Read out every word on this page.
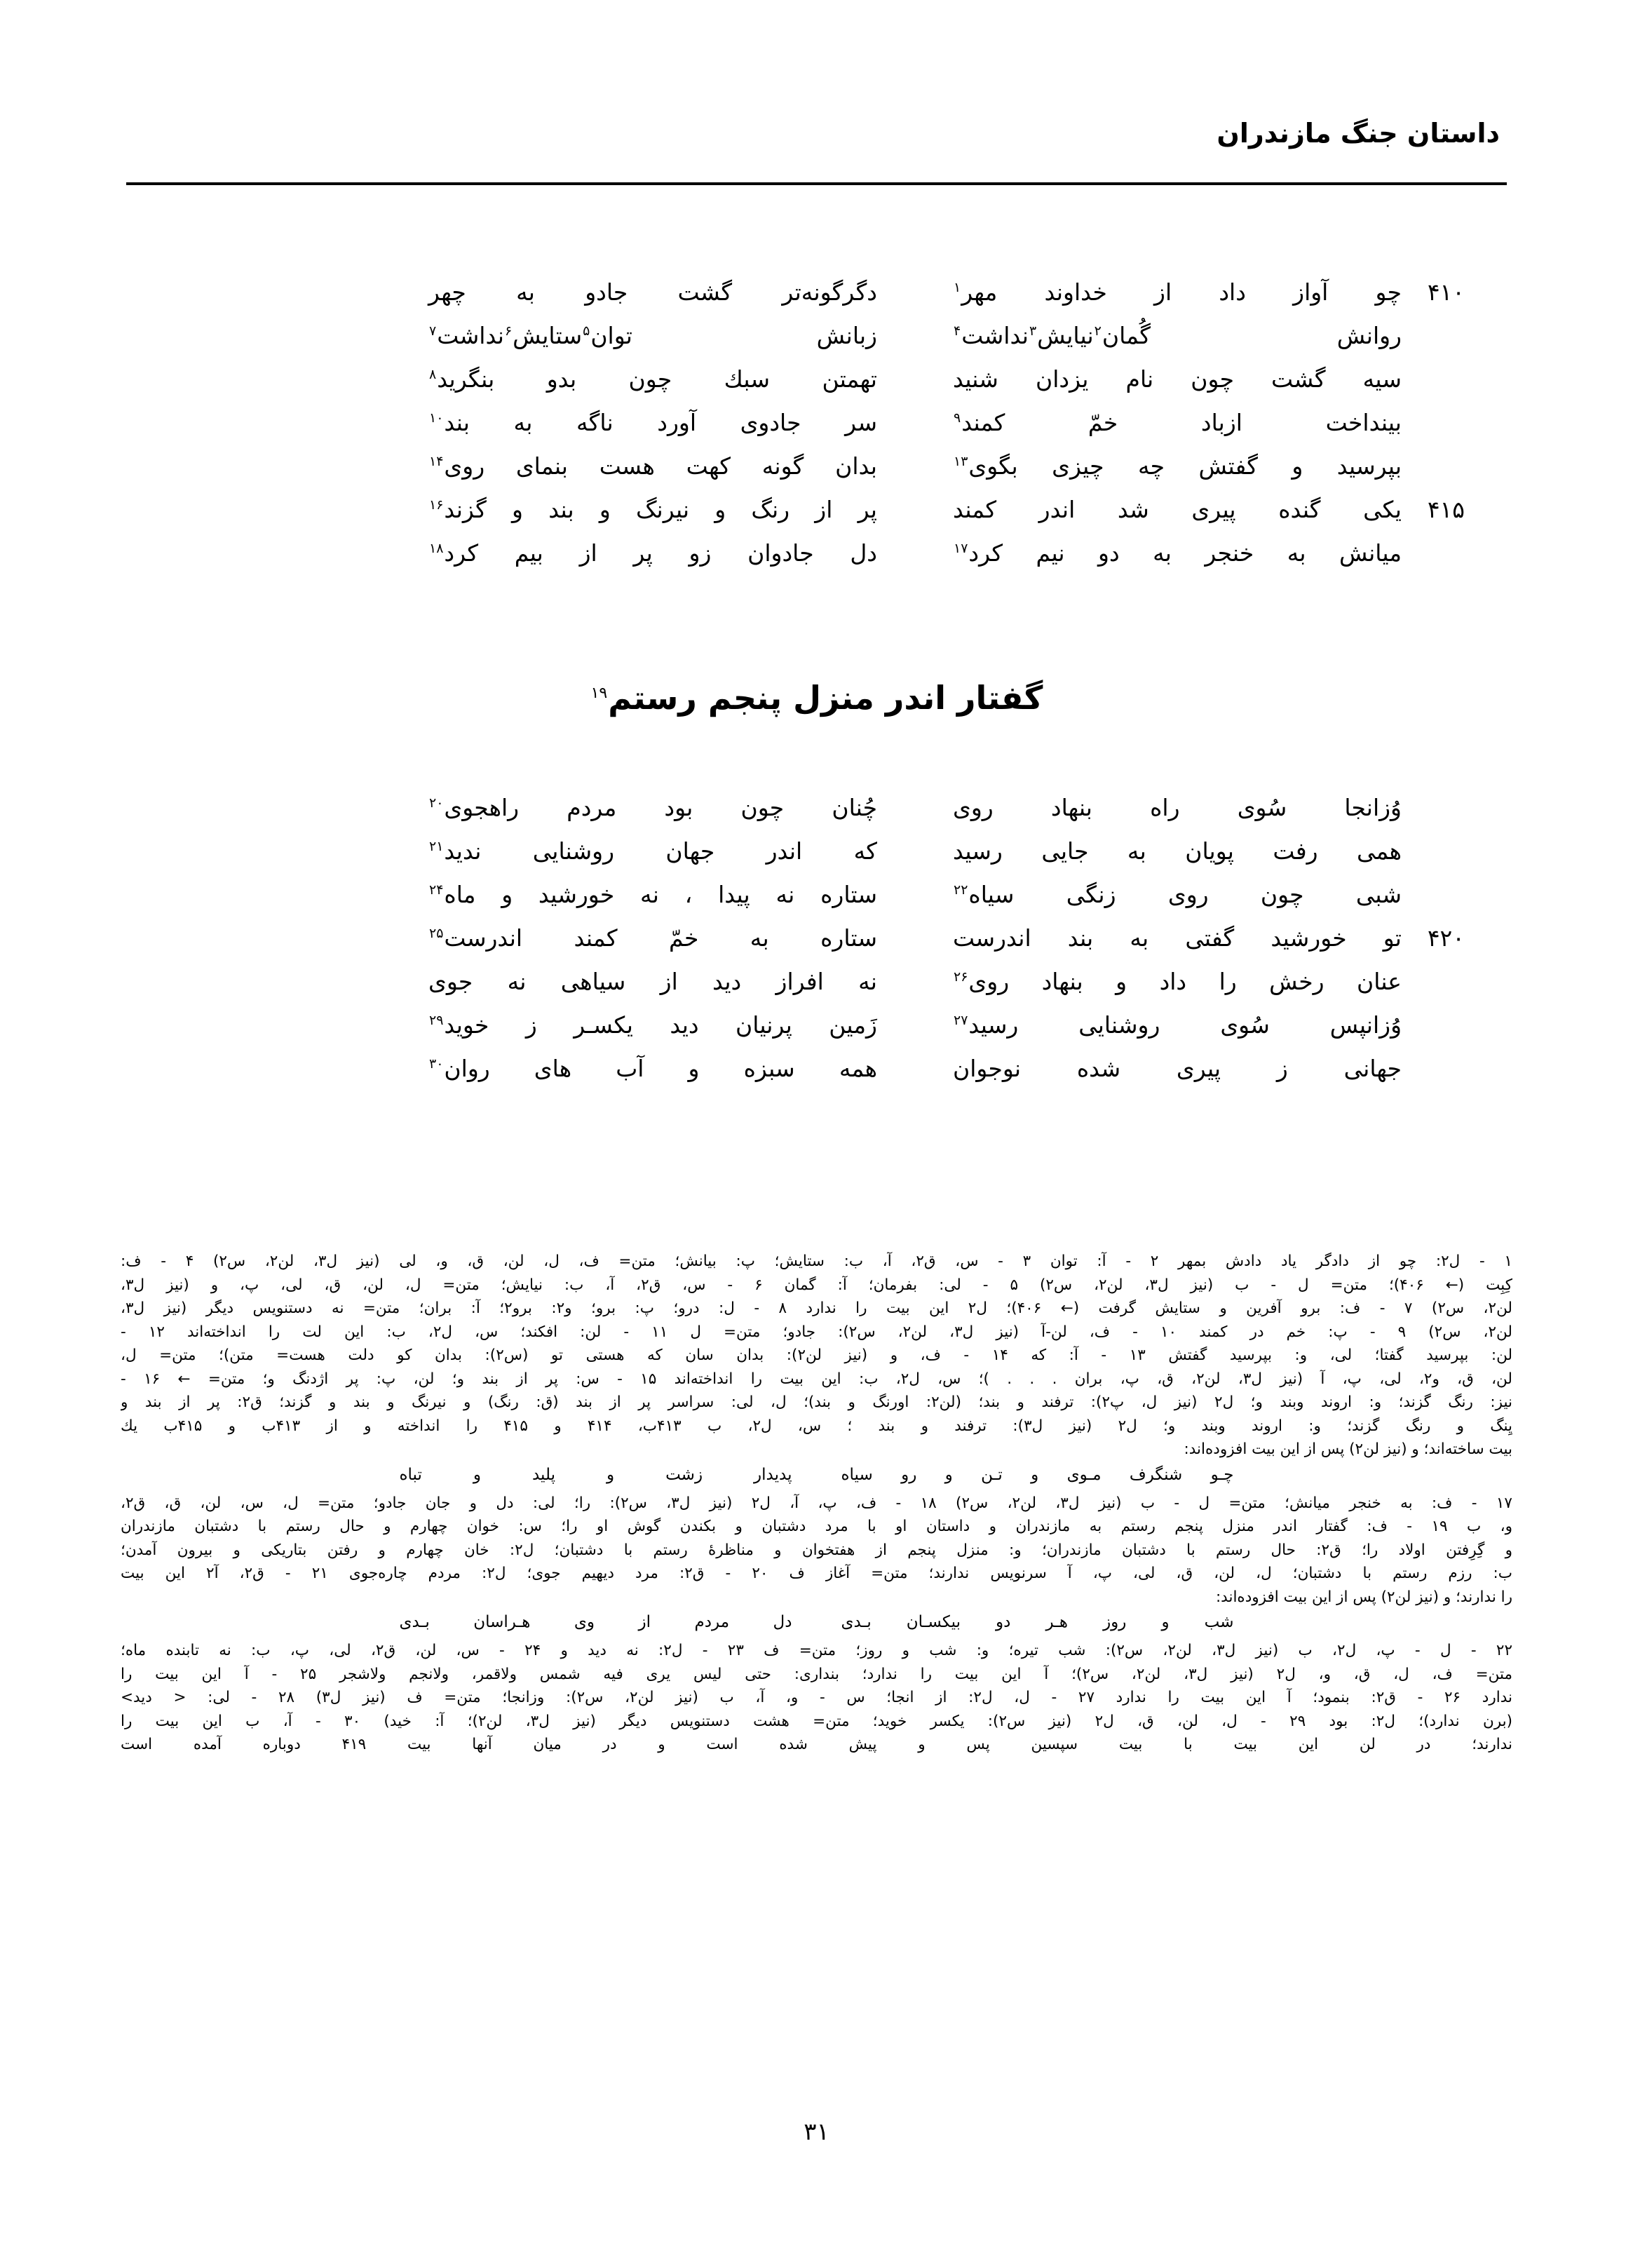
داستان جنگ مازندران
۴۱۰
چو آواز داد از خداوند مهر$^۱$
دگرگونه‌تر گشت جادو به چهر
روانش گُمان$^۲$نیایش$^۳$نداشت$^۴$
زبانش توان$^۵$ستایش$^۶$نداشت$^۷$
سیه گشت چون نام یزدان شنید
تهمتن سبك چون بدو بنگرید$^۸$
بینداخت ازباد خمّ کمند$^۹$
سر جادوی آورد ناگه به بند$^{۱۰}$
بپرسید و گفتش چه چیزی بگوی$^{۱۳}$
بدان گونه کهت هست بنمای روی$^{۱۴}$
۴۱۵
یکی گنده پیری شد اندر کمند
پر از رنگ و نیرنگ و بند و گزند$^{۱۶}$
میانش به خنجر به دو نیم کرد$^{۱۷}$
دل جادوان زو پر از بیم کرد$^{۱۸}$
گفتار اندر منزل پنجم رستم$^{۱۹}$
وُزانجا سُوی راه بنهاد روی
چُنان چون بود مردم راهجوی$^{۲۰}$
همی رفت پویان به جایی رسید
که اندر جهان روشنایی ندید$^{۲۱}$
شبی چون روی زنگی سیاه$^{۲۲}$
ستاره نه پیدا ، نه خورشید و ماه$^{۲۴}$
۴۲۰
تو خورشید گفتی به بند اندرست
ستاره به خمّ کمند اندرست$^{۲۵}$
عنان رخش را داد و بنهاد روی$^{۲۶}$
نه افراز دید از سیاهی نه جوی
وُزانپس سُوی روشنایی رسید$^{۲۷}$
زَمین پرنیان دید یکسـر ز خوید$^{۲۹}$
جهانی ز پیری شده نوجوان
همه سبزه و آب های روان$^{۳۰}$
۱ - ل۲: چو از دادگر یاد دادش بمهر ۲ - آ: توان ۳ - س، ق۲، آ، ب: ستایش؛ پ: بیانش؛ متن= ف، ل، لن، ق، و، لی (نیز ل۳، لن۲، س۲) ۴ - ف:
کِبِت (← ۴۰۶)؛ متن= ل - ب (نیز ل۳، لن۲، س۲) ۵ - لی: بفرمان؛ آ: گمان ۶ - س، ق۲، آ، ب: نیایش؛ متن= ل، لن، ق، لی، پ، و (نیز ل۳،
لن۲، س۲) ۷ - ف: برو آفرین و ستایش گرفت (← ۴۰۶)؛ ل۲ این بیت را ندارد ۸ - ل: درو؛ پ: برو؛ و۲: برو۲؛ آ: بران؛ متن= نه دستنویس دیگر (نیز ل۳،
لن۲، س۲) ۹ - پ: خم در کمند ۱۰ - ف، لن-آ (نیز ل۳، لن۲، س۲): جادو؛ متن= ل ۱۱ - لن: افکند؛ س، ل۲، ب: این لت را انداخته‌اند ۱۲ -
لن: بپرسید گفتا؛ لی، و: بپرسید گفتش ۱۳ - آ: که ۱۴ - ف، و (نیز لن۲): بدان سان که هستی تو (س۲): بدان کو دلت هست= متن)؛ متن= ل،
لن، ق، و۲، لی، پ، آ (نیز ل۳، لن۲، ق، پ، بران . . . )؛ س، ل۲، ب: این بیت را انداخته‌اند ۱۵ - س: پر از بند و؛ لن، پ: پر اژدنگ و؛ متن= ← ۱۶ -
نیز: رنگ گزند؛ و: اروند وبند و؛ ل۲ (نیز ل، پ۲): ترفند و بند؛ (لن۲: اورنگ و بند)؛ ل، لی: سراسر پر از بند (ق: رنگ) و نیرنگ و بند و گزند؛ ق۲: پر از بند و
یِنگ و رنگ گزند؛ و: اروند وبند و؛ ل۲ (نیز ل۳): ترفند و بند ؛ س، ل۲، ب ۴۱۳ب، ۴۱۴ و ۴۱۵ را انداخته و از ۴۱۳ب و ۴۱۵ب یك
بیت ساخته‌اند؛ و (نیز لن۲) پس از این بیت افزوده‌اند:
چـو شنگرف مـوی و تـن و رو سیاه
پدیدار زشت و پلید و تباه
۱۷ - ف: به خنجر میانش؛ متن= ل - ب (نیز ل۳، لن۲، س۲) ۱۸ - ف، پ، آ، ل۲ (نیز ل۳، س۲): را؛ لی: دل و جان جادو؛ متن= ل، س، لن، ق، ق۲،
و، ب ۱۹ - ف: گفتار اندر منزل پنجم رستم به مازندران و داستان او با مرد دشتبان و بكندن گوش او را؛ س: خوان چهارم و حال رستم با دشتبان مازندران
و گِرِفتن اولاد را؛ ق۲: حال رستم با دشتبان مازندران؛ و: منزل پنجم از هفتخوان و مناظرهٔ رستم با دشتبان؛ ل۲: خان چهارم و رفتن بتاریکی و بیرون آمدن؛
ب: رزم رستم با دشتبان؛ ل، لن، ق، لی، پ، آ سرنویس ندارند؛ متن= آغاز ف ۲۰ - ق۲: مرد دیهیم جوی؛ ل۲: مردم چاره‌جوی ۲۱ - ق۲، آ۲ این بیت
را ندارند؛ و (نیز لن۲) پس از این بیت افزوده‌اند:
شب و روز هـر دو بیكسـان بـدی
دل مردم از وی هـراسان بـدی
۲۲ - ل - پ، ل۲، ب (نیز ل۳، لن۲، س۲): شب تیره؛ و: شب و روز؛ متن= ف ۲۳ - ل۲: نه دید و ۲۴ - س، لن، ق۲، لی، پ، ب: نه تابنده ماه؛
متن= ف، ل، ق، و، ل۲ (نیز ل۳، لن۲، س۲)؛ آ این بیت را ندارد؛ بنداری: حتی لیس یری فیه شمس ولاقمر، ولانجم ولاشجر ۲۵ - آ این بیت را
ندارد ۲۶ - ق۲: بنمود؛ آ این بیت را ندارد ۲۷ - ل، ل۲: از انجا؛ س - و، آ، ب (نیز لن۲، س۲): وزانجا؛ متن= ف (نیز ل۳) ۲۸ - لی: < دید>
(برن ندارد)؛ ل۲: بود ۲۹ - ل، لن، ق، ل۲ (نیز س۲): یكسر خوید؛ متن= هشت دستنویس دیگر (نیز ل۳، لن۲)؛ آ: خید) ۳۰ - آ، ب این بیت را
ندارند؛ در لن این بیت با بیت سپسین پس و پیش شده است و در میان آنها بیت ۴۱۹ دوباره آمده است
۳۱
